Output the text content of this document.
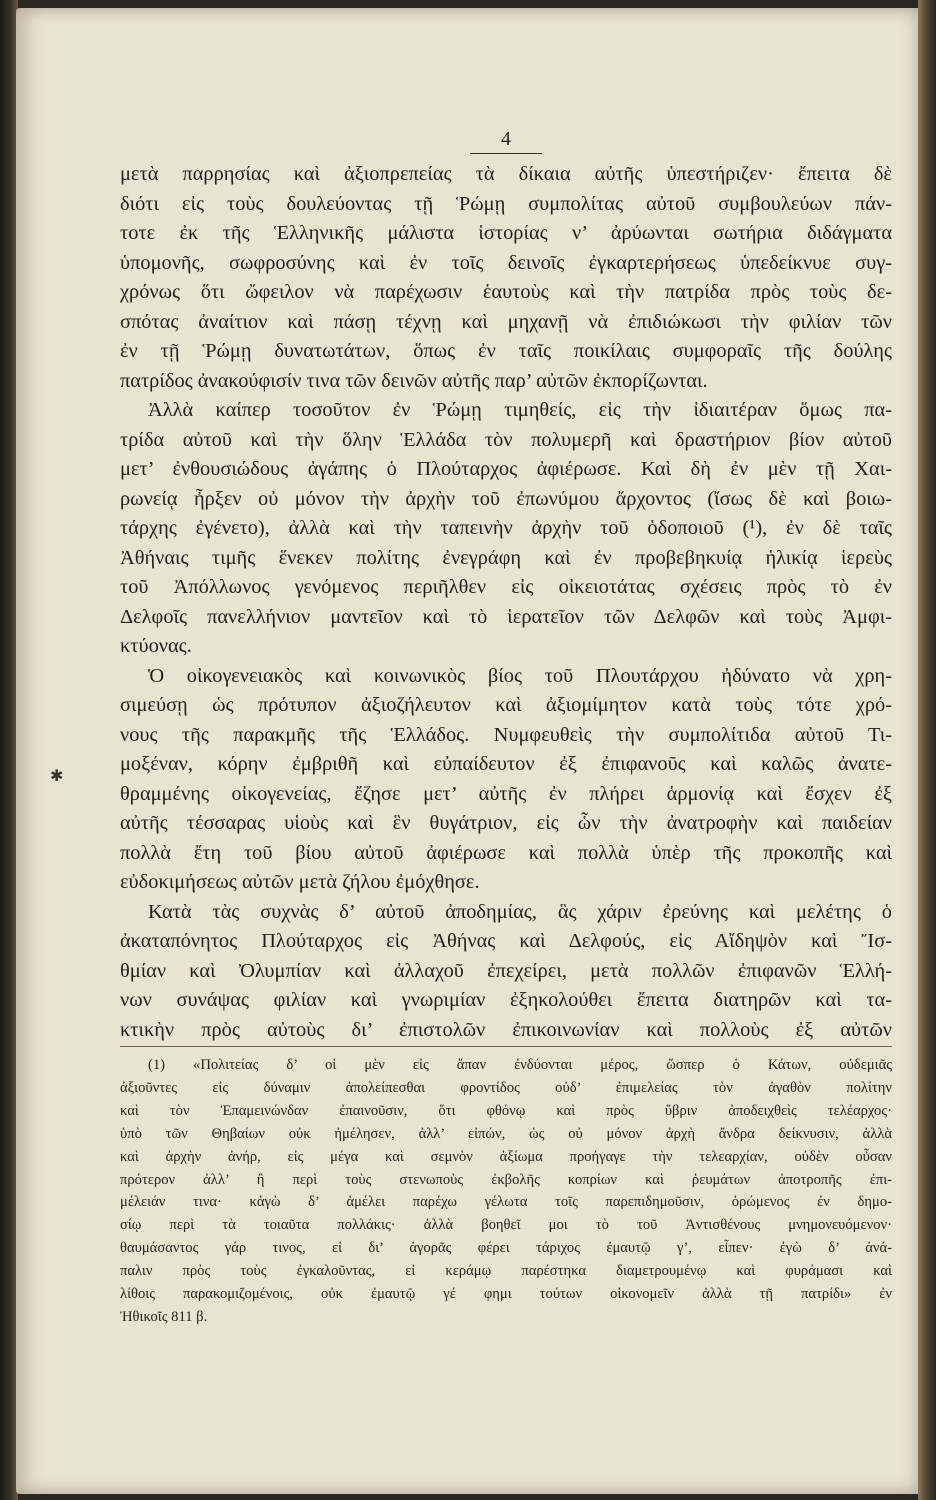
4
✱
μετὰ παρρησίας καὶ ἀξιοπρεπείας τὰ δίκαια αὐτῆς ὑπεστήριζεν· ἔπειτα δὲ
διότι εἰς τοὺς δουλεύοντας τῇ Ῥώμῃ συμπολίτας αὐτοῦ συμβουλεύων πάν-
τοτε ἐκ τῆς Ἑλληνικῆς μάλιστα ἱστορίας ν’ ἀρύωνται σωτήρια διδάγματα
ὑπομονῆς, σωφροσύνης καὶ ἐν τοῖς δεινοῖς ἐγκαρτερήσεως ὑπεδείκνυε συγ-
χρόνως ὅτι ὤφειλον νὰ παρέχωσιν ἑαυτοὺς καὶ τὴν πατρίδα πρὸς τοὺς δε-
σπότας ἀναίτιον καὶ πάσῃ τέχνῃ καὶ μηχανῇ νὰ ἐπιδιώκωσι τὴν φιλίαν τῶν
ἐν τῇ Ῥώμῃ δυνατωτάτων, ὅπως ἐν ταῖς ποικίλαις συμφοραῖς τῆς δούλης
πατρίδος ἀνακούφισίν τινα τῶν δεινῶν αὐτῆς παρ’ αὐτῶν ἐκπορίζωνται.
Ἀλλὰ καίπερ τοσοῦτον ἐν Ῥώμῃ τιμηθείς, εἰς τὴν ἰδιαιτέραν ὅμως πα-
τρίδα αὐτοῦ καὶ τὴν ὅλην Ἑλλάδα τὸν πολυμερῆ καὶ δραστήριον βίον αὐτοῦ
μετ’ ἐνθουσιώδους ἀγάπης ὁ Πλούταρχος ἀφιέρωσε. Καὶ δὴ ἐν μὲν τῇ Χαι-
ρωνείᾳ ἦρξεν οὐ μόνον τὴν ἀρχὴν τοῦ ἐπωνύμου ἄρχοντος (ἴσως δὲ καὶ βοιω-
τάρχης ἐγένετο), ἀλλὰ καὶ τὴν ταπεινὴν ἀρχὴν τοῦ ὁδοποιοῦ (¹), ἐν δὲ ταῖς
Ἀθήναις τιμῆς ἕνεκεν πολίτης ἐνεγράφη καὶ ἐν προβεβηκυίᾳ ἡλικίᾳ ἱερεὺς
τοῦ Ἀπόλλωνος γενόμενος περιῆλθεν εἰς οἰκειοτάτας σχέσεις πρὸς τὸ ἐν
Δελφοῖς πανελλήνιον μαντεῖον καὶ τὸ ἱερατεῖον τῶν Δελφῶν καὶ τοὺς Ἀμφι-
κτύονας.
Ὁ οἰκογενειακὸς καὶ κοινωνικὸς βίος τοῦ Πλουτάρχου ἠδύνατο νὰ χρη-
σιμεύσῃ ὡς πρότυπον ἀξιοζήλευτον καὶ ἀξιομίμητον κατὰ τοὺς τότε χρό-
νους τῆς παρακμῆς τῆς Ἑλλάδος. Νυμφευθεὶς τὴν συμπολίτιδα αὐτοῦ Τι-
μοξέναν, κόρην ἐμβριθῆ καὶ εὐπαίδευτον ἐξ ἐπιφανοῦς καὶ καλῶς ἀνατε-
θραμμένης οἰκογενείας, ἔζησε μετ’ αὐτῆς ἐν πλήρει ἁρμονίᾳ καὶ ἔσχεν ἐξ
αὐτῆς τέσσαρας υἱοὺς καὶ ἓν θυγάτριον, εἰς ὧν τὴν ἀνατροφὴν καὶ παιδείαν
πολλὰ ἔτη τοῦ βίου αὐτοῦ ἀφιέρωσε καὶ πολλὰ ὑπὲρ τῆς προκοπῆς καὶ
εὐδοκιμήσεως αὐτῶν μετὰ ζήλου ἐμόχθησε.
Κατὰ τὰς συχνὰς δ’ αὐτοῦ ἀποδημίας, ἃς χάριν ἐρεύνης καὶ μελέτης ὁ
ἀκαταπόνητος Πλούταρχος εἰς Ἀθήνας καὶ Δελφούς, εἰς Αἴδηψὸν καὶ Ἴσ-
θμίαν καὶ Ὀλυμπίαν καὶ ἀλλαχοῦ ἐπεχείρει, μετὰ πολλῶν ἐπιφανῶν Ἑλλή-
νων συνάψας φιλίαν καὶ γνωριμίαν ἐξηκολούθει ἔπειτα διατηρῶν καὶ τα-
κτικὴν πρὸς αὐτοὺς δι’ ἐπιστολῶν ἐπικοινωνίαν καὶ πολλοὺς ἐξ αὐτῶν
(1) «Πολιτείας δ’ οἱ μὲν εἰς ἅπαν ἐνδύονται μέρος, ὥσπερ ὁ Κάτων, οὐδεμιᾶς
ἀξιοῦντες εἰς δύναμιν ἀπολείπεσθαι φροντίδος οὐδ’ ἐπιμελείας τὸν ἀγαθὸν πολίτην
καὶ τὸν Ἐπαμεινώνδαν ἐπαινοῦσιν, ὅτι φθόνῳ καὶ πρὸς ὕβριν ἀποδειχθεὶς τελέαρχος·
ὑπὸ τῶν Θηβαίων οὐκ ἠμέλησεν, ἀλλ’ εἰπών, ὡς οὐ μόνον ἀρχὴ ἄνδρα δείκνυσιν, ἀλλὰ
καὶ ἀρχὴν ἀνήρ, εἰς μέγα καὶ σεμνὸν ἀξίωμα προήγαγε τὴν τελεαρχίαν, οὐδὲν οὖσαν
πρότερον ἀλλ’ ἢ περὶ τοὺς στενωποὺς ἐκβολῆς κοπρίων καὶ ῥευμάτων ἀποτροπῆς ἐπι-
μέλειάν τινα· κἀγὼ δ’ ἀμέλει παρέχω γέλωτα τοῖς παρεπιδημοῦσιν, ὁρώμενος ἐν δημο-
σίῳ περὶ τὰ τοιαῦτα πολλάκις· ἀλλὰ βοηθεῖ μοι τὸ τοῦ Ἀντισθένους μνημονευόμενον·
θαυμάσαντος γάρ τινος, εἰ δι’ ἀγορᾶς φέρει τάριχος ἐμαυτῷ γ’, εἶπεν· ἐγὼ δ’ ἀνά-
παλιν πρὸς τοὺς ἐγκαλοῦντας, εἰ κεράμῳ παρέστηκα διαμετρουμένῳ καὶ φυράμασι καὶ
λίθοις παρακομιζομένοις, οὐκ ἐμαυτῷ γέ φημι τούτων οἰκονομεῖν ἀλλὰ τῇ πατρίδι» ἐν
Ἠθικοῖς 811 β.
